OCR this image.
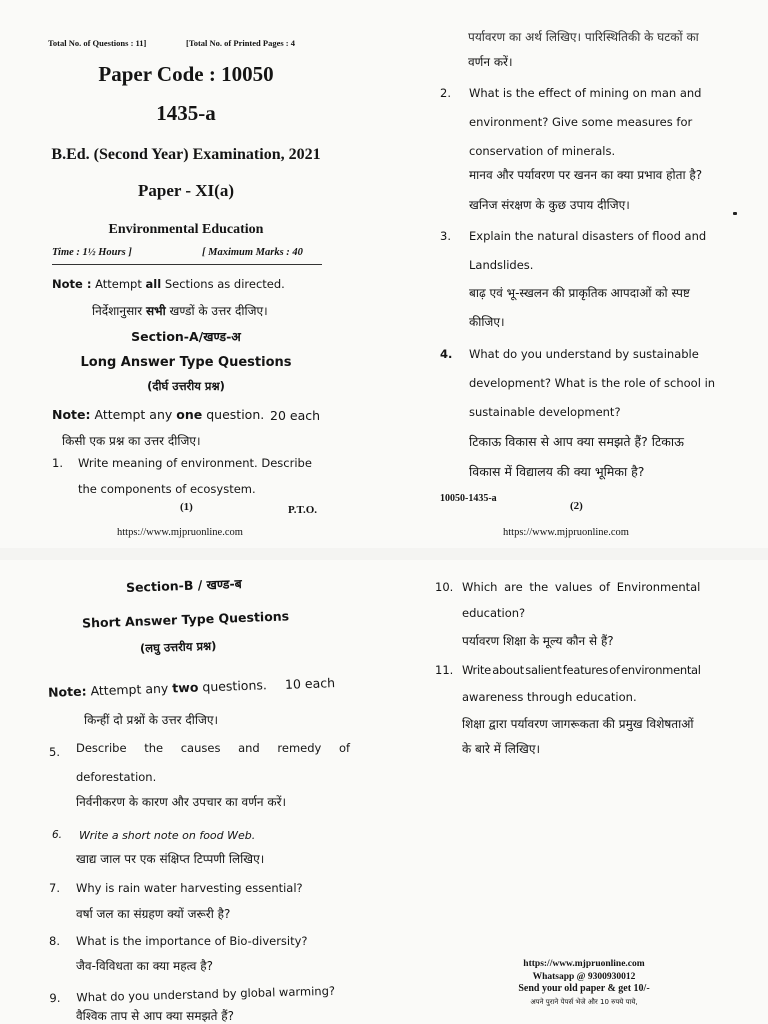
Total No. of Questions : 11]	[Total No. of Printed Pages : 4
Paper Code : 10050
1435-a
B.Ed. (Second Year) Examination, 2021
Paper - XI(a)
Environmental Education
Time : 1½ Hours ]	[ Maximum Marks : 40
Note : Attempt all Sections as directed.
निर्देशानुसार सभी खण्डों के उत्तर दीजिए।
Section-A/खण्ड-अ
Long Answer Type Questions
(दीर्घ उत्तरीय प्रश्न)
Note: Attempt any one question. 20 each
किसी एक प्रश्न का उत्तर दीजिए।
1. Write meaning of environment. Describe
the components of ecosystem.
(1)	P.T.O.
https://www.mjpruonline.com
पर्यावरण का अर्थ लिखिए। पारिस्थितिकी के घटकों का
वर्णन करें।
2. What is the effect of mining on man and
environment? Give some measures for
conservation of minerals.
मानव और पर्यावरण पर खनन का क्या प्रभाव होता है?
खनिज संरक्षण के कुछ उपाय दीजिए।
3. Explain the natural disasters of flood and
Landslides.
बाढ़ एवं भू-स्खलन की प्राकृतिक आपदाओं को स्पष्ट
कीजिए।
4. What do you understand by sustainable
development? What is the role of school in
sustainable development?
टिकाऊ विकास से आप क्या समझते हैं? टिकाऊ
विकास में विद्यालय की क्या भूमिका है?
10050-1435-a
(2)
https://www.mjpruonline.com
Section-B / खण्ड-ब
Short Answer Type Questions
(लघु उत्तरीय प्रश्न)
Note: Attempt any two questions. 10 each
किन्हीं दो प्रश्नों के उत्तर दीजिए।
5. Describe the causes and remedy of
deforestation.
निर्वनीकरण के कारण और उपचार का वर्णन करें।
6. Write a short note on food Web.
खाद्य जाल पर एक संक्षिप्त टिप्पणी लिखिए।
7. Why is rain water harvesting essential?
वर्षा जल का संग्रहण क्यों जरूरी है?
8. What is the importance of Bio-diversity?
जैव-विविधता का क्या महत्व है?
9. What do you understand by global warming?
वैश्विक ताप से आप क्या समझते हैं?
10. Which are the values of Environmental
education?
पर्यावरण शिक्षा के मूल्य कौन से हैं?
11. Write about salient features of environmental
awareness through education.
शिक्षा द्वारा पर्यावरण जागरूकता की प्रमुख विशेषताओं
के बारे में लिखिए।
https://www.mjpruonline.com
Whatsapp @ 9300930012
Send your old paper & get 10/-
अपने पुराने पेपर्स भेजे और 10 रुपये पाये,
